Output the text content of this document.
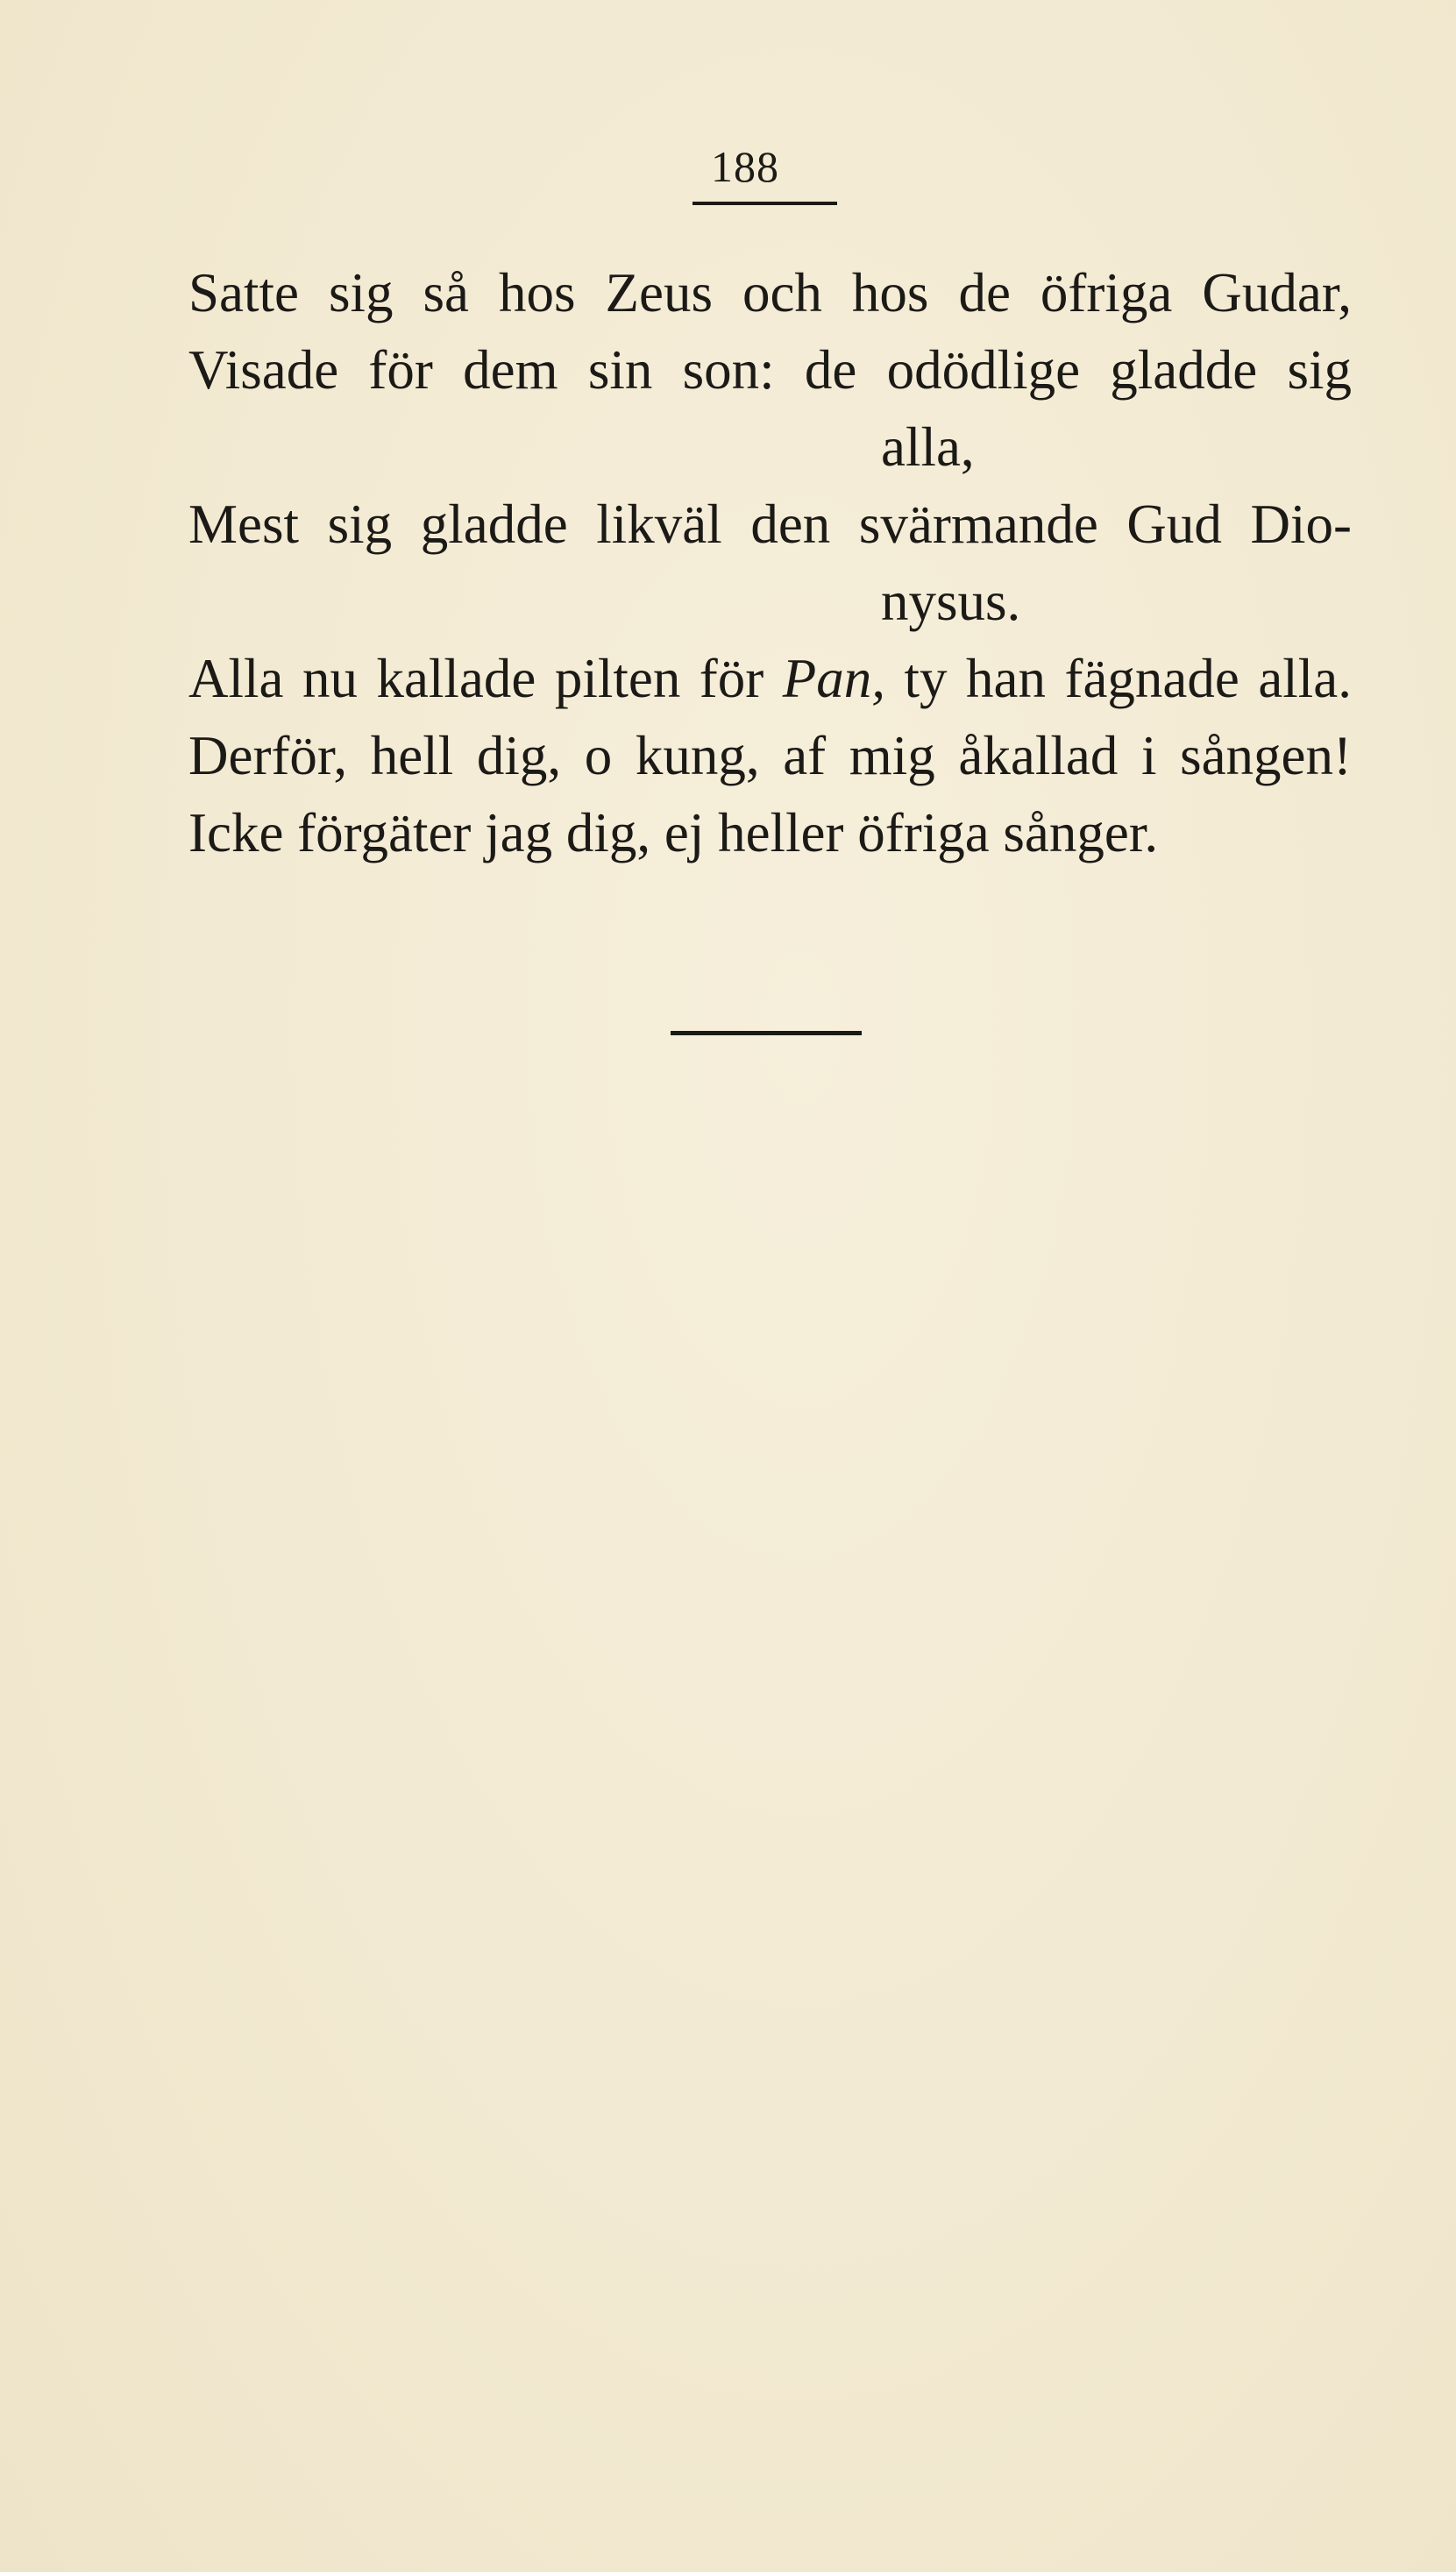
188
Satte sig så hos Zeus och hos de öfriga Gudar,
Visade för dem sin son: de odödlige gladde sig
alla,
Mest sig gladde likväl den svärmande Gud Dio-
nysus.
Alla nu kallade pilten för Pan, ty han fägnade alla.
Derför, hell dig, o kung, af mig åkallad i sången!
Icke förgäter jag dig, ej heller öfriga sånger.
